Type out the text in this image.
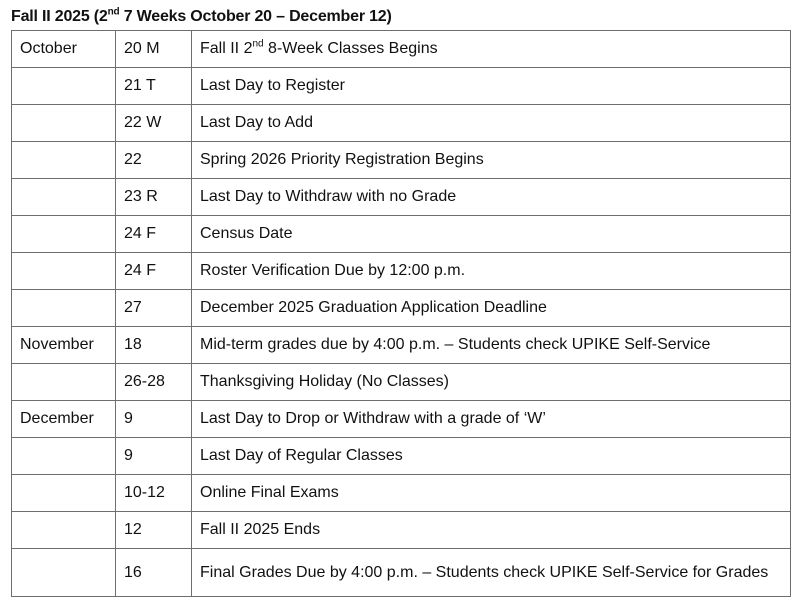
Fall II 2025 (2nd 7 Weeks October 20 – December 12)
October	20 M	Fall II 2nd 8-Week Classes Begins
	21 T	Last Day to Register
	22 W	Last Day to Add
	22	Spring 2026 Priority Registration Begins
	23 R	Last Day to Withdraw with no Grade
	24 F	Census Date
	24 F	Roster Verification Due by 12:00 p.m.
	27	December 2025 Graduation Application Deadline
November	18	Mid-term grades due by 4:00 p.m. – Students check UPIKE Self-Service
	26-28	Thanksgiving Holiday (No Classes)
December	9	Last Day to Drop or Withdraw with a grade of ‘W’
	9	Last Day of Regular Classes
	10-12	Online Final Exams
	12	Fall II 2025 Ends
	16	Final Grades Due by 4:00 p.m. – Students check UPIKE Self-Service for Grades
